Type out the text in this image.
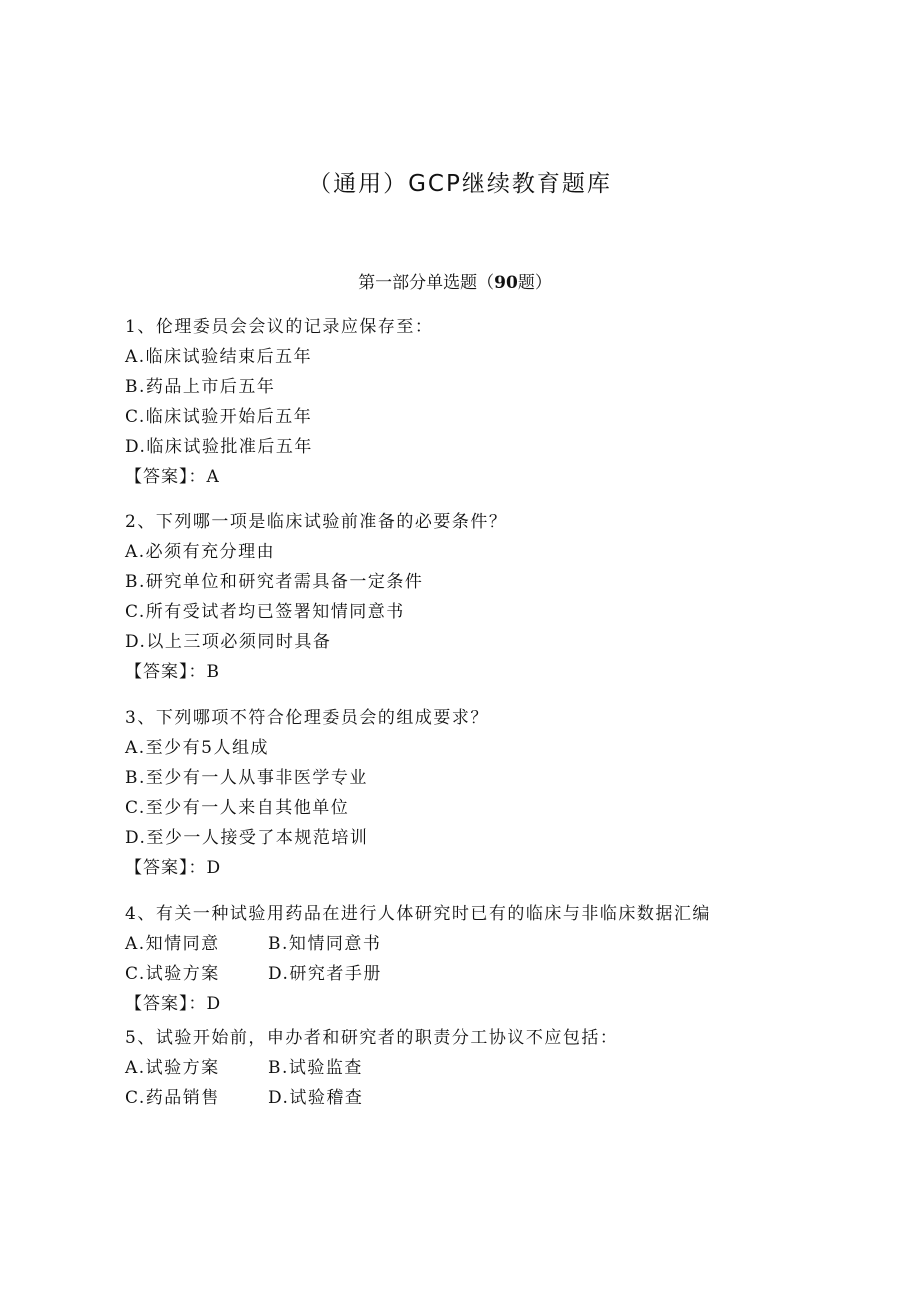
（通用）GCP继续教育题库
第一部分单选题（90题）
1、伦理委员会会议的记录应保存至：
A.临床试验结束后五年
B.药品上市后五年
C.临床试验开始后五年
D.临床试验批准后五年
【答案】：A
2、下列哪一项是临床试验前准备的必要条件？
A.必须有充分理由
B.研究单位和研究者需具备一定条件
C.所有受试者均已签署知情同意书
D.以上三项必须同时具备
【答案】：B
3、下列哪项不符合伦理委员会的组成要求？
A.至少有5人组成
B.至少有一人从事非医学专业
C.至少有一人来自其他单位
D.至少一人接受了本规范培训
【答案】：D
4、有关一种试验用药品在进行人体研究时已有的临床与非临床数据汇编
A.知情同意	B.知情同意书
C.试验方案	D.研究者手册
【答案】：D
5、试验开始前，申办者和研究者的职责分工协议不应包括：
A.试验方案	B.试验监查
C.药品销售	D.试验稽查
